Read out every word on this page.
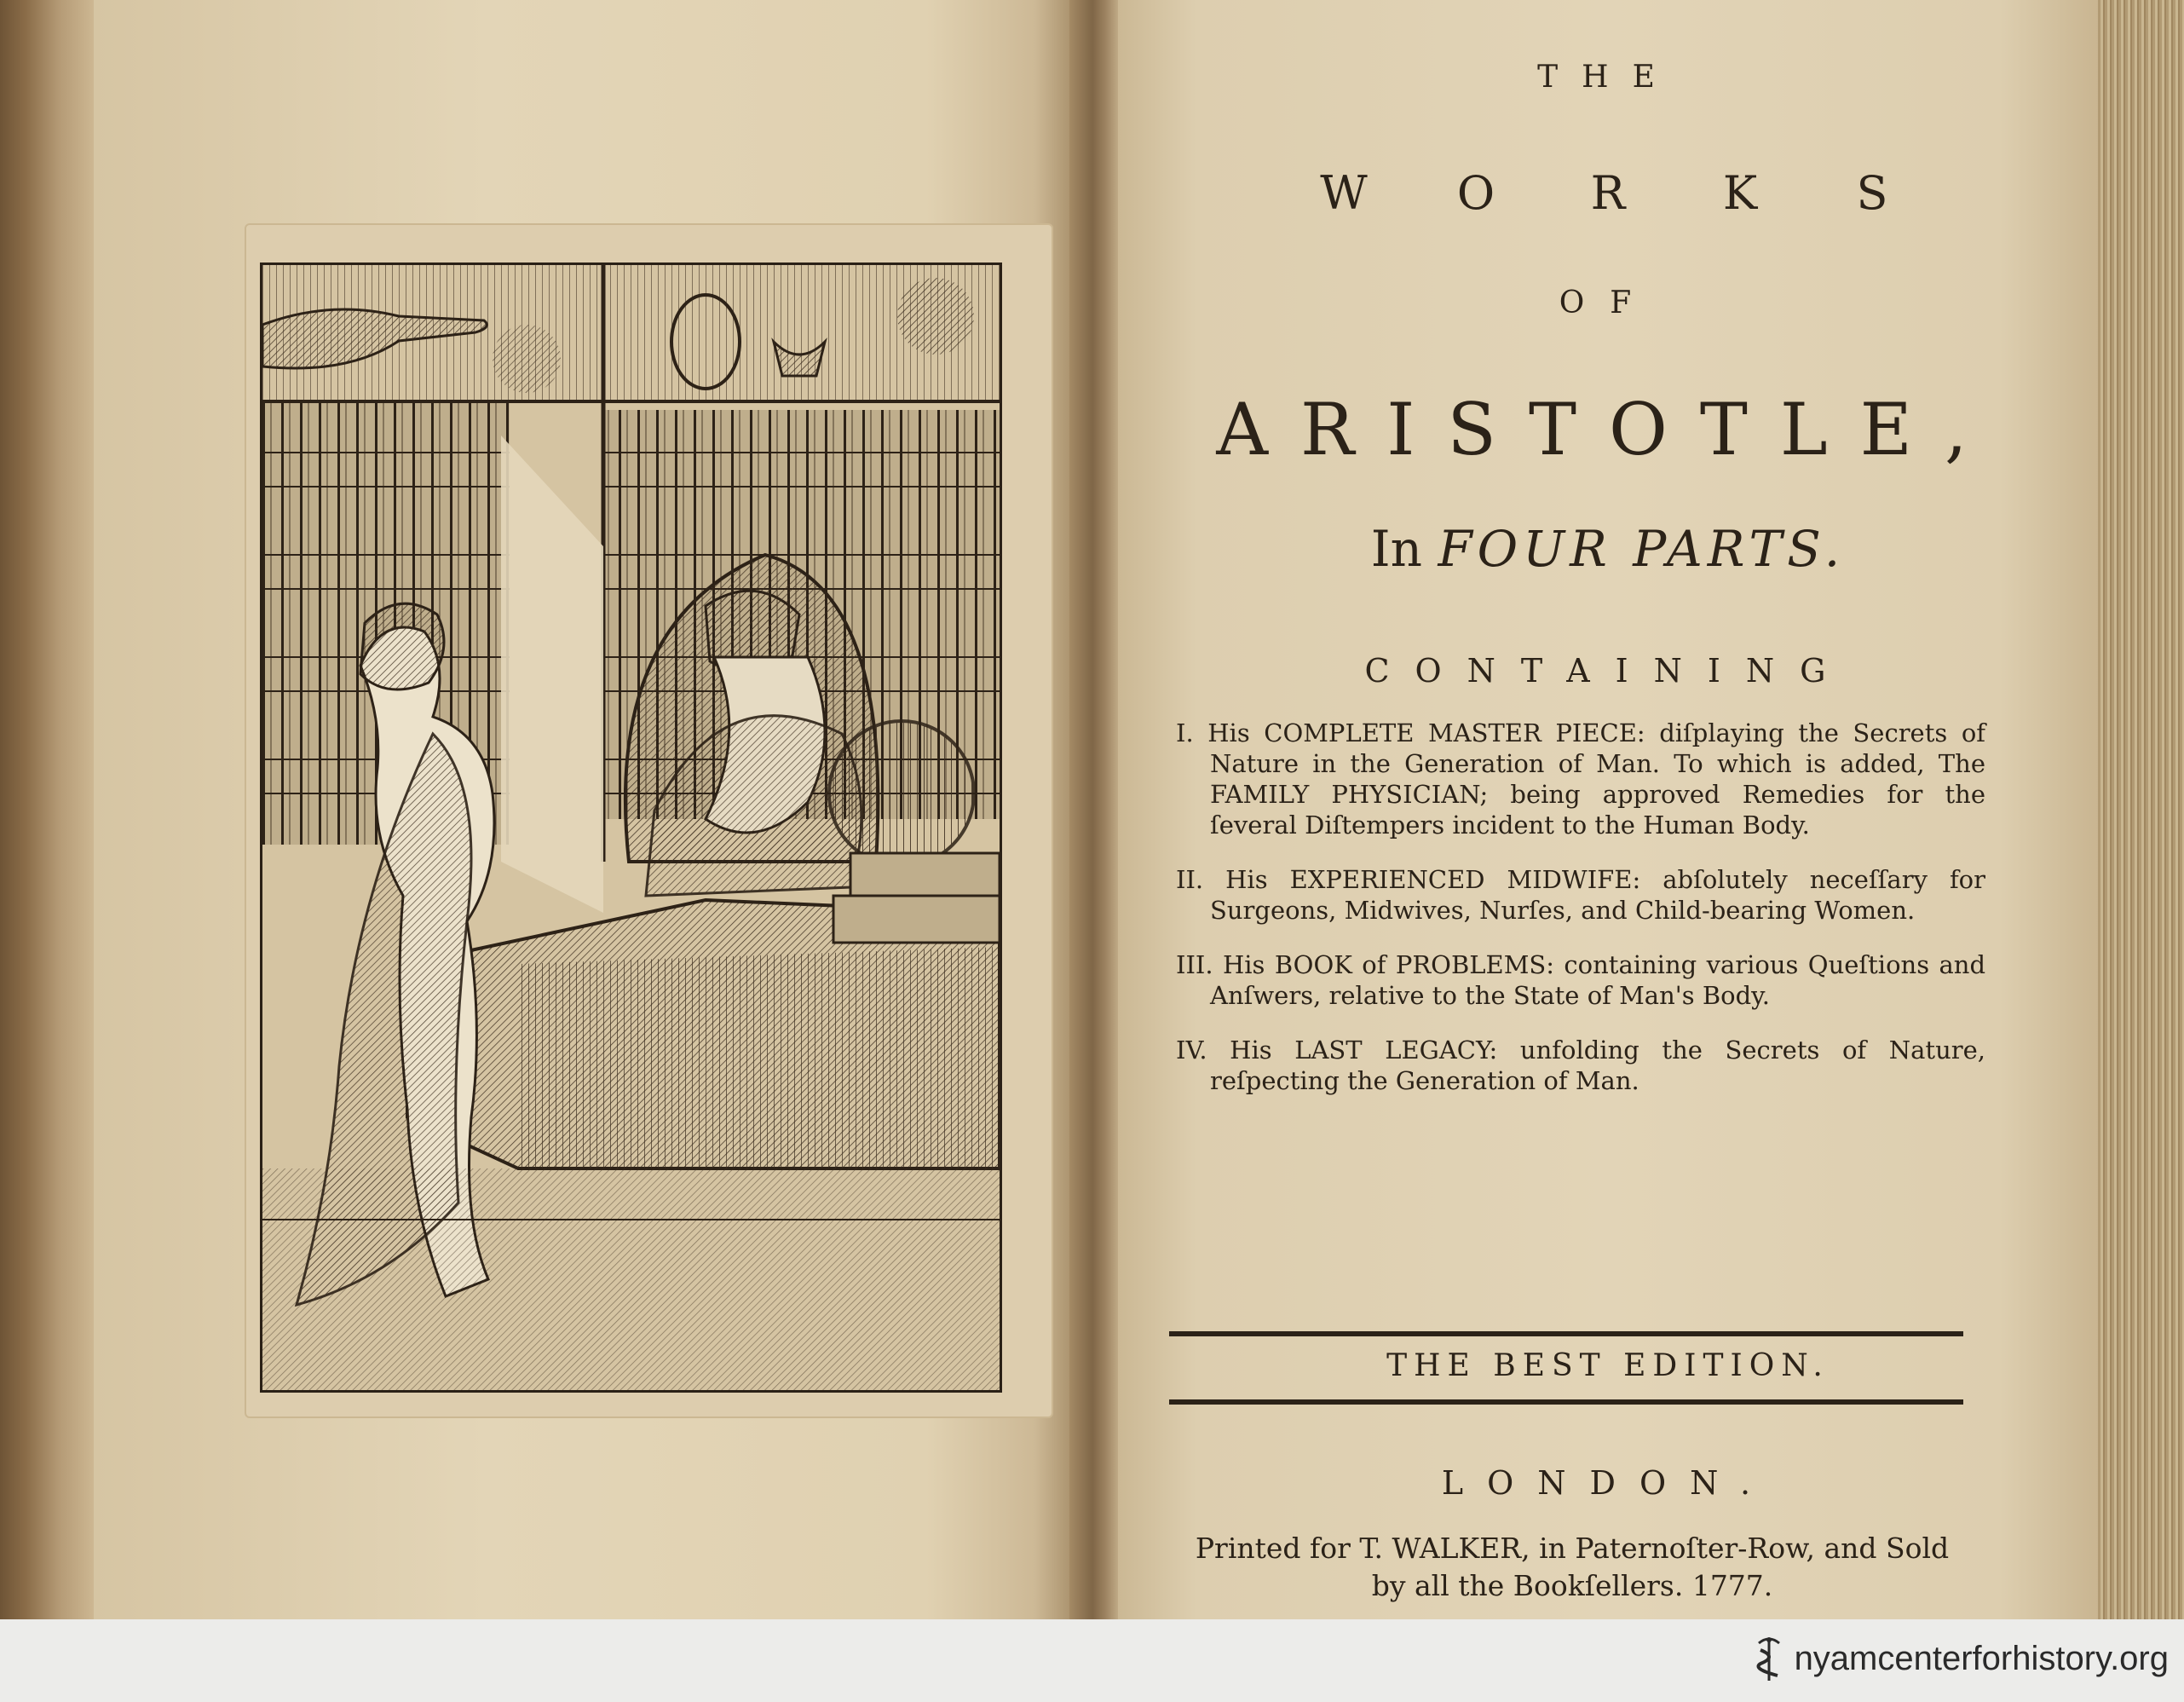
THE
W O R K S
OF
ARISTOTLE,
In FOUR PARTS.
CONTAINING
I. His COMPLETE MASTER PIECE: diſplaying the Secrets of Nature in the Generation of Man. To which is added, The FAMILY PHYSICIAN; being approved Remedies for the ſeveral Diſtempers incident to the Human Body.
II. His EXPERIENCED MIDWIFE: abſolutely neceſſary for Surgeons, Midwives, Nurſes, and Child-bearing Women.
III. His BOOK of PROBLEMS: containing various Queſtions and Anſwers, relative to the State of Man's Body.
IV. His LAST LEGACY: unfolding the Secrets of Nature, reſpecting the Generation of Man.
THE BEST EDITION.
LONDON.
Printed for T. WALKER, in Paternoſter-Row, and Sold
by all the Bookſellers. 1777.
nyamcenterforhistory.org
